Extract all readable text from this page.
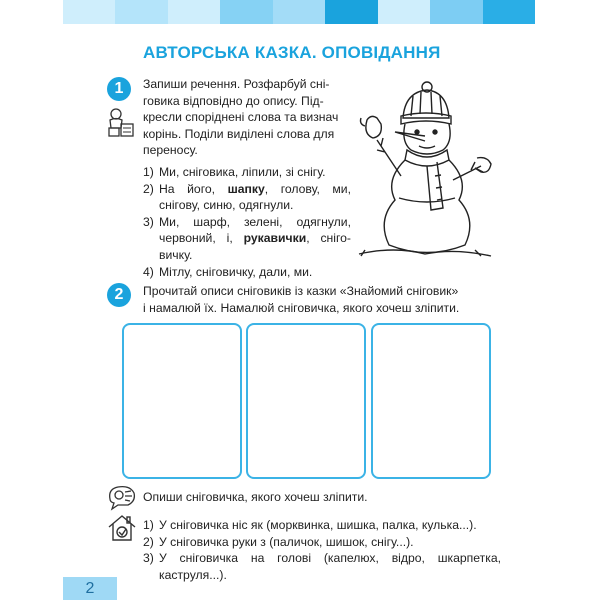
АВТОРСЬКА КАЗКА. ОПОВІДАННЯ
1	Запиши речення. Розфарбуй сні-

говика відповідно до опису. Під-

кресли споріднені слова та визнач

корінь. Поділи виділені слова для

переносу.

1) Ми, сніговика, ліпили, зі снігу.
2) На його, шапку, голову, ми, снігову, синю, одягнули.
3) Ми, шарф, зелені, одягнули, червоний, і, рукавички, сніго-вичку.
4) Мітлу, сніговичку, дали, ми.
2	Прочитай описи сніговиків із казки «Знайомий сніговик»

і намалюй їх. Намалюй сніговичка, якого хочеш зліпити.

Опиши сніговичка, якого хочеш зліпити.
1) У сніговичка ніс як (морквинка, шишка, палка, кулька...).
2) У сніговичка руки з (паличок, шишок, снігу...).
3) У сніговичка на голові (капелюх, відро, шкарпетка, каструля...).
2
